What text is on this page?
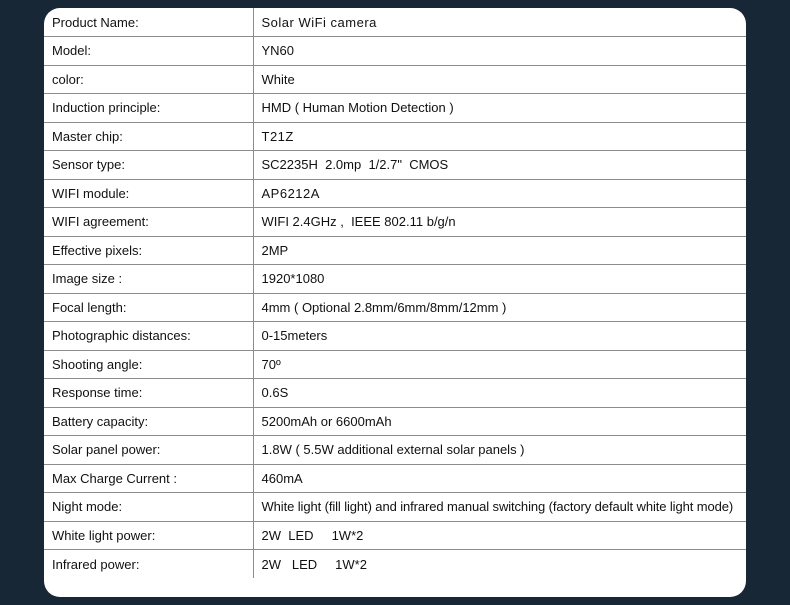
Product Name:	Solar WiFi camera
Model:	YN60
color:	White
Induction principle:	HMD ( Human Motion Detection )
Master chip:	T21Z
Sensor type:	SC2235H  2.0mp  1/2.7"  CMOS
WIFI module:	AP6212A
WIFI agreement:	WIFI 2.4GHz ,  IEEE 802.11 b/g/n
Effective pixels:	2MP
Image size :	1920*1080
Focal length:	4mm ( Optional 2.8mm/6mm/8mm/12mm )
Photographic distances:	0-15meters
Shooting angle:	70º
Response time:	0.6S
Battery capacity:	5200mAh or 6600mAh
Solar panel power:	1.8W ( 5.5W additional external solar panels )
Max Charge Current :	460mA
Night mode:	White light (fill light) and infrared manual switching (factory default white light mode)
White light power:	2W  LED     1W*2
Infrared power:	2W   LED     1W*2
